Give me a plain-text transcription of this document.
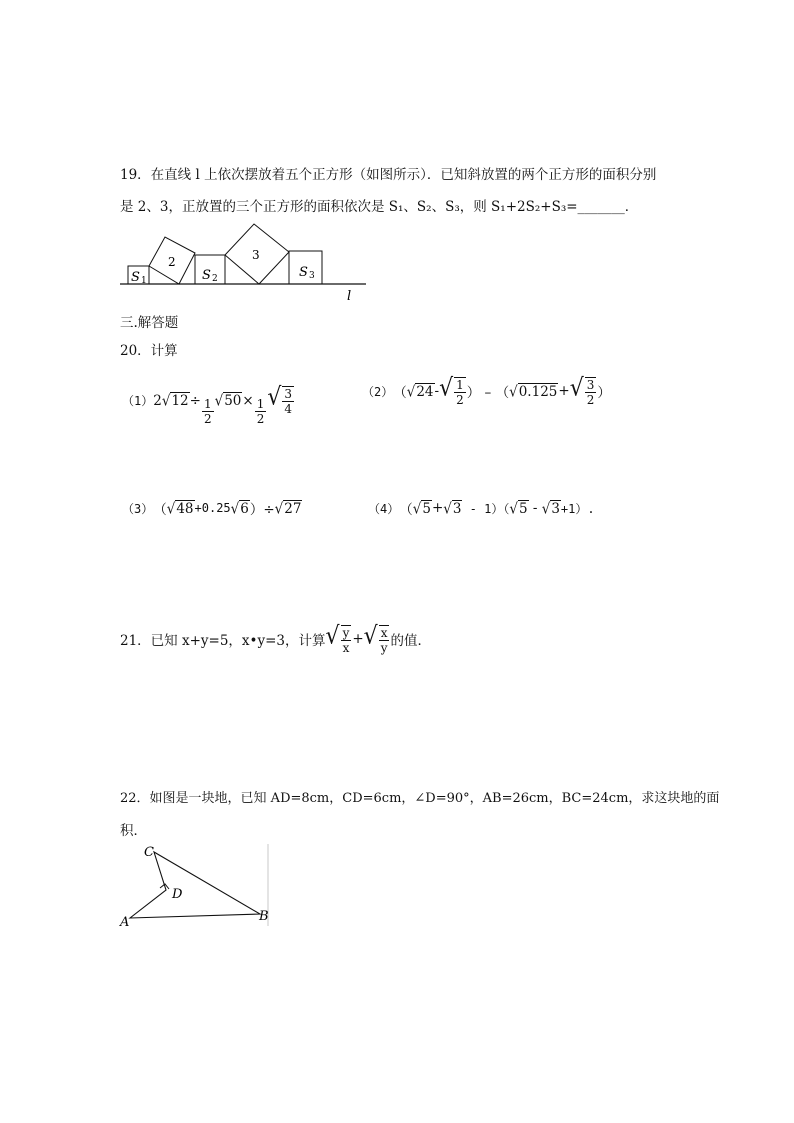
19．在直线 l 上依次摆放着五个正方形（如图所示）．已知斜放置的两个正方形的面积分别
是 2、3，正放置的三个正方形的面积依次是 S₁、S₂、S₃，则 S₁+2S₂+S₃=_______．
S 1
2
S 2
3
S 3
l
三.解答题
20．计算
（1） 2 $√12 \div \frac{1}{2} √50 \times \frac{1}{2}$ √ $\frac{3}{4}$	（2） （ √24 - √ $\frac{1}{2}$ ） – （ √0.125 + √ $\frac{3}{2}$ ）
（3） （ √48 +0.25 √6 ）÷ √27	（4） （ √5 + √3 - 1）（ √5 - √3 +1）.
21．已知 x+y=5，x•y=3，计算 √ $\frac{y}{x}$ + √ $\frac{x}{y}$ 的值．
22．如图是一块地，已知 AD=8cm，CD=6cm，∠D=90°，AB=26cm，BC=24cm，求这块地的面
积．
A	B
C
D
